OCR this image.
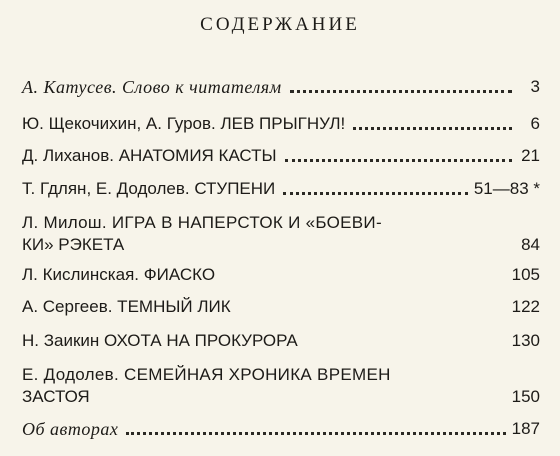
СОДЕРЖАНИЕ
А. Катусев. Слово к читателям	3
Ю. Щекочихин, А. Гуров. ЛЕВ ПРЫГНУЛ!	6
Д. Лиханов. АНАТОМИЯ КАСТЫ	21
Т. Гдлян, Е. Додолев. СТУПЕНИ	51—83 *
Л. Милош. ИГРА В НАПЕРСТОК И «БОЕВИ-
КИ» РЭКЕТА	84
Л. Кислинская. ФИАСКО	105
А. Сергеев. ТЕМНЫЙ ЛИК	122
Н. Заикин ОХОТА НА ПРОКУРОРА	130
Е. Додолев. СЕМЕЙНАЯ ХРОНИКА ВРЕМЕН
ЗАСТОЯ	150
Об авторах	187
